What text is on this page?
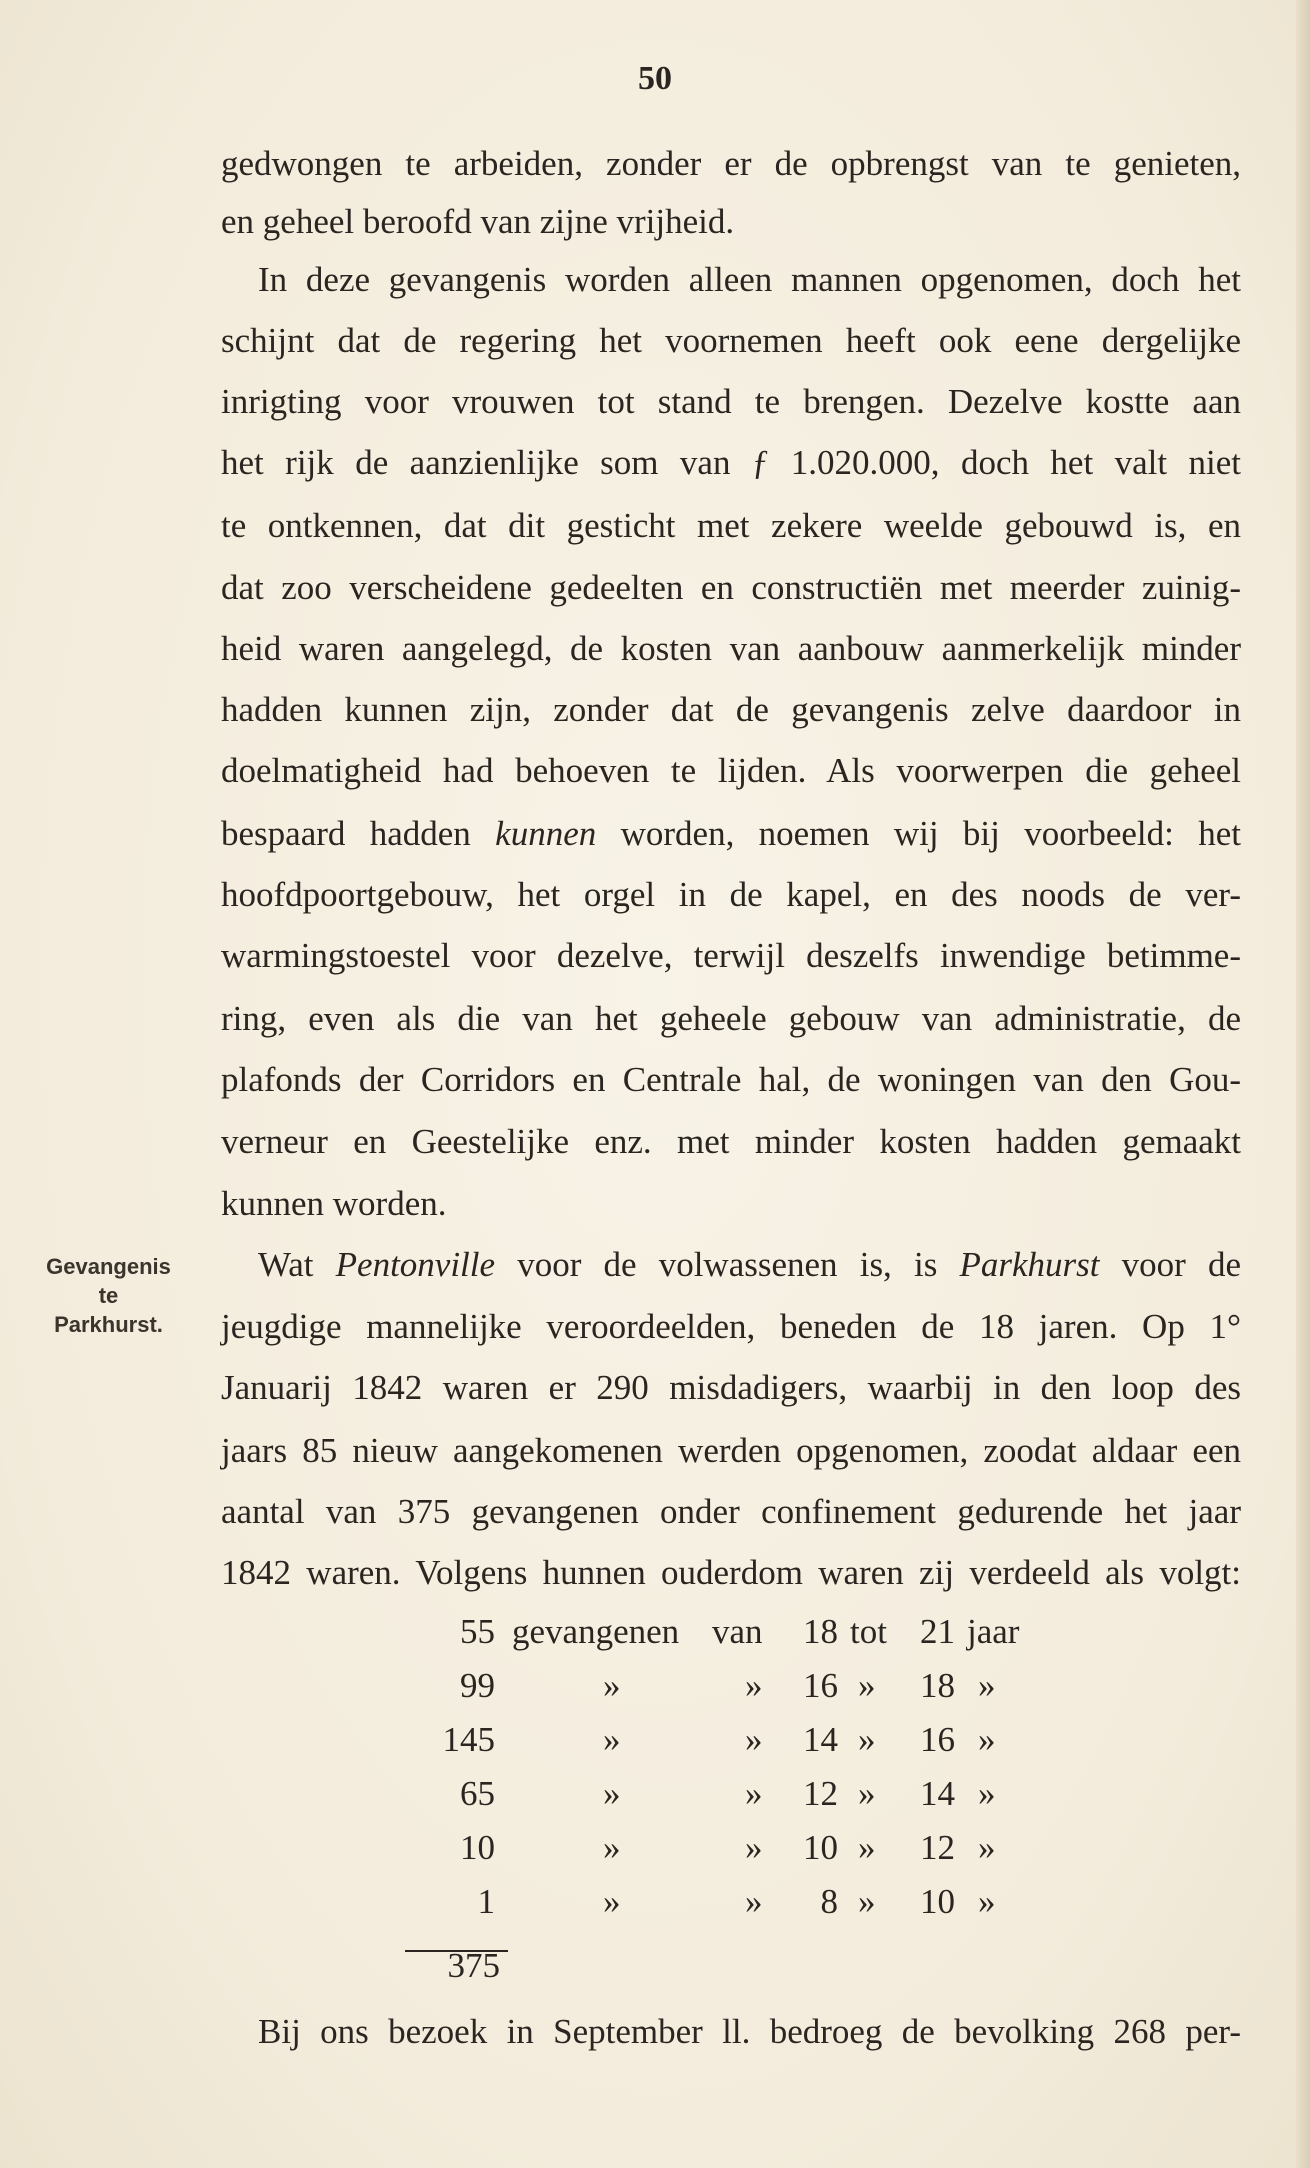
50
gedwongen te arbeiden, zonder er de opbrengst van te genieten,
en geheel beroofd van zijne vrijheid.
In deze gevangenis worden alleen mannen opgenomen, doch het
schijnt dat de regering het voornemen heeft ook eene dergelijke
inrigting voor vrouwen tot stand te brengen. Dezelve kostte aan
het rijk de aanzienlijke som van ƒ 1.020.000, doch het valt niet
te ontkennen, dat dit gesticht met zekere weelde gebouwd is, en
dat zoo verscheidene gedeelten en constructiën met meerder zuinig-
heid waren aangelegd, de kosten van aanbouw aanmerkelijk minder
hadden kunnen zijn, zonder dat de gevangenis zelve daardoor in
doelmatigheid had behoeven te lijden. Als voorwerpen die geheel
bespaard hadden kunnen worden, noemen wij bij voorbeeld: het
hoofdpoortgebouw, het orgel in de kapel, en des noods de ver-
warmingstoestel voor dezelve, terwijl deszelfs inwendige betimme-
ring, even als die van het geheele gebouw van administratie, de
plafonds der Corridors en Centrale hal, de woningen van den Gou-
verneur en Geestelijke enz. met minder kosten hadden gemaakt
kunnen worden.
Gevangenis
te
Parkhurst.
Wat Pentonville voor de volwassenen is, is Parkhurst voor de
jeugdige mannelijke veroordeelden, beneden de 18 jaren. Op 1°
Januarij 1842 waren er 290 misdadigers, waarbij in den loop des
jaars 85 nieuw aangekomenen werden opgenomen, zoodat aldaar een
aantal van 375 gevangenen onder confinement gedurende het jaar
1842 waren. Volgens hunnen ouderdom waren zij verdeeld als volgt:
55 gevangenen van	18 tot 21 jaar
99	»	»	16 »	18 »
145	»	»	14 »	16 »
65	»	»	12 »	14 »
10	»	»	10 »	12 »
1	»	»	8 »	10 »
375
Bij ons bezoek in September ll. bedroeg de bevolking 268 per-
